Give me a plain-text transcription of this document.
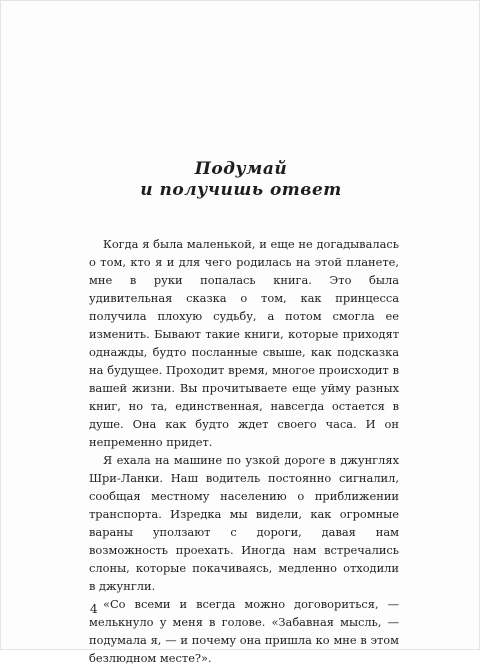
Подумай
и получишь ответ

Когда я была маленькой, и еще не догадывалась о том, кто я и для чего родилась на этой планете, мне в руки попалась книга. Это была удивительная сказка о том, как принцесса получила плохую судьбу, а потом смогла ее изменить. Бывают такие книги, которые приходят однажды, будто посланные свыше, как подсказка на будущее. Проходит время, многое происходит в вашей жизни. Вы прочитываете еще уйму разных книг, но та, единственная, навсегда остается в душе. Она как будто ждет своего часа. И он непременно придет.

Я ехала на машине по узкой дороге в джунглях Шри-Ланки. Наш водитель постоянно сигналил, сообщая местному населению о приближении транспорта. Изредка мы видели, как огромные вараны уползают с дороги, давая нам возможность проехать. Иногда нам встречались слоны, которые покачиваясь, медленно отходили в джунгли.

«Со всеми и всегда можно договориться, — мелькнуло у меня в голове. «Забавная мысль, — подумала я, — и почему она пришла ко мне в этом безлюдном месте?».

4
